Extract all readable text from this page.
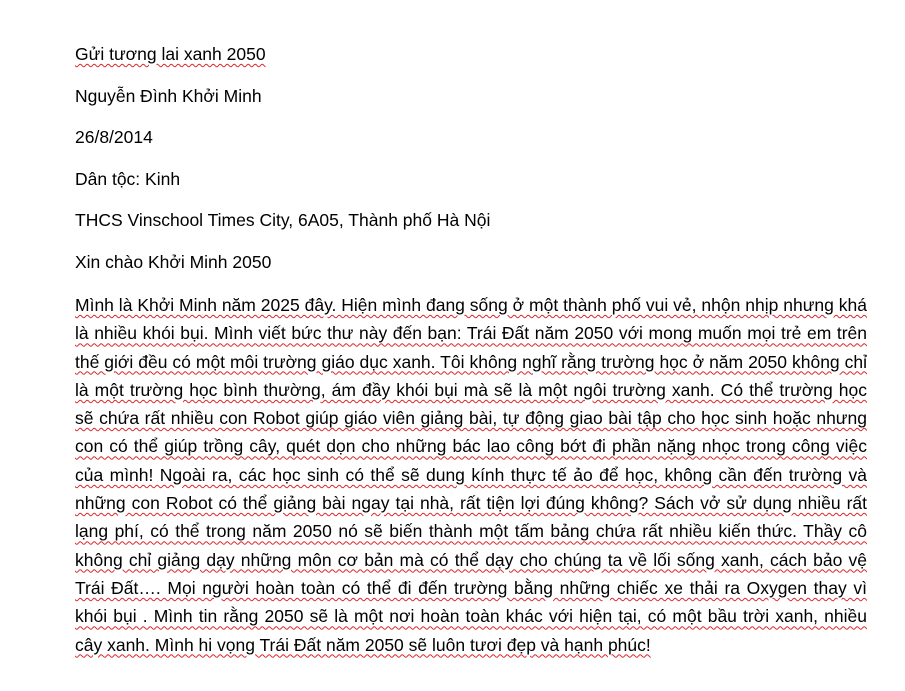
Gửi tương lai xanh 2050

Nguyễn Đình Khởi Minh

26/8/2014

Dân tộc: Kinh

THCS Vinschool Times City, 6A05, Thành phố Hà Nội

Xin chào Khởi Minh 2050

Mình là Khởi Minh năm 2025 đây. Hiện mình đang sống ở một thành phố vui vẻ, nhộn nhịp nhưng khá là nhiều khói bụi. Mình viết bức thư này đến bạn: Trái Đất năm 2050 với mong muốn mọi trẻ em trên thế giới đều có một môi trường giáo dục xanh. Tôi không nghĩ rằng trường học ở năm 2050 không chỉ là một trường học bình thường, ám đầy khói bụi mà sẽ là một ngôi trường xanh. Có thể trường học sẽ chứa rất nhiều con Robot giúp giáo viên giảng bài, tự động giao bài tập cho học sinh hoặc nhưng con có thể giúp trồng cây, quét dọn cho những bác lao công bớt đi phần nặng nhọc trong công việc của mình! Ngoài ra, các học sinh có thể sẽ dung kính thực tế ảo để học, không cần đến trường và những con Robot có thể giảng bài ngay tại nhà, rất tiện lợi đúng không? Sách vở sử dụng nhiều rất lạng phí, có thể trong năm 2050 nó sẽ biến thành một tấm bảng chứa rất nhiều kiến thức. Thầy cô không chỉ giảng dạy những môn cơ bản mà có thể dạy cho chúng ta về lối sống xanh, cách bảo vệ Trái Đất…. Mọi người hoàn toàn có thể đi đến trường bằng những chiếc xe thải ra Oxygen thay vì khói bụi . Mình tin rằng 2050 sẽ là một nơi hoàn toàn khác với hiện tại, có một bầu trời xanh, nhiều cây xanh. Mình hi vọng Trái Đất năm 2050 sẽ luôn tươi đẹp và hạnh phúc!
